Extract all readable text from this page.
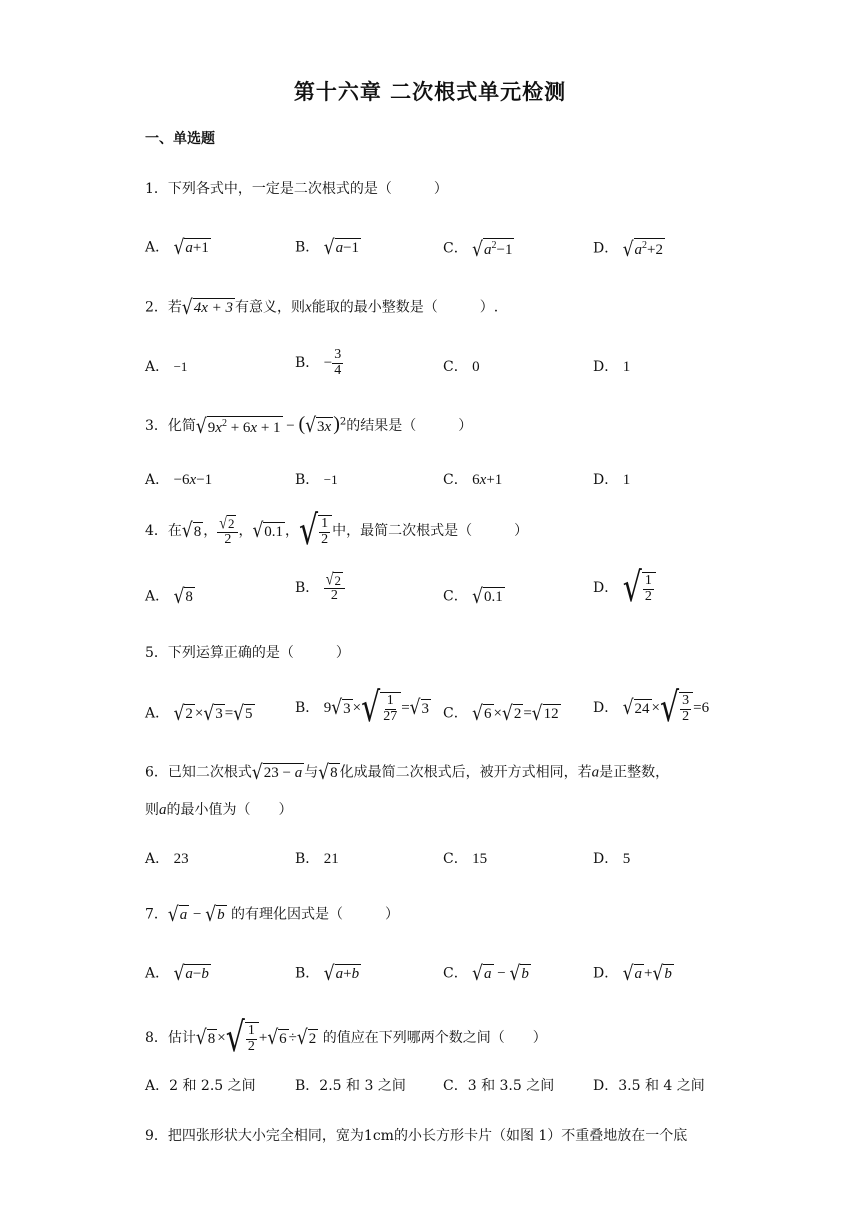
第十六章 二次根式单元检测
一、单选题
1．下列各式中，一定是二次根式的是（　　　）
A． √ a+1	B． √ a−1	C． √ $a^2-1$	D． √ $a^2+2$
2．若 √ 4x + 3 有意义，则x能取的最小整数是（　　　）.
A． −1	B． − $\frac{3}{4}$	C． 0	D． 1
3．化简 √ $9x^2 + 6x + 1$ − ( √ 3x )$^2$的结果是（　　　）
A． −6x−1	B． −1	C． 6x+1	D． 1
4．在 √ 8 ， $\frac{√ 2}{2}$ ， √ 0.1 ， √ $\frac{1}{2}$ 中，最简二次根式是（　　　）
A． √ 8
B． $\frac{√ 2}{2}$	C． √ 0.1
D． √ $\frac{1}{2}$
5．下列运算正确的是（　　　）
A． √ 2 × √ 3 = √ 5	B． 9 √ 3 × √ $\frac{1}{27}$ = √ 3 C． √ 6 × √ 2 = √ 12 D． √ 24 × √ $\frac{3}{2} =6$
6．已知二次根式 √ 23 − a 与 √ 8 化成最简二次根式后，被开方式相同，若a是正整数，
则a的最小值为（　　）
A． 23	B． 21	C． 15	D． 5
7． √ a − √ b 的有理化因式是（　　　）
A． √ a−b	B． √ a+b	C． √ a − √ b	D． √ a + √ b
8．估计 √ 8 × √ $\frac{1}{2}$ + √ 6 ÷ √ 2 的值应在下列哪两个数之间（　　）
A．2 和 2.5 之间	B．2.5 和 3 之间	C．3 和 3.5 之间	D．3.5 和 4 之间
9．把四张形状大小完全相同，宽为1cm的小长方形卡片（如图 1）不重叠地放在一个底
